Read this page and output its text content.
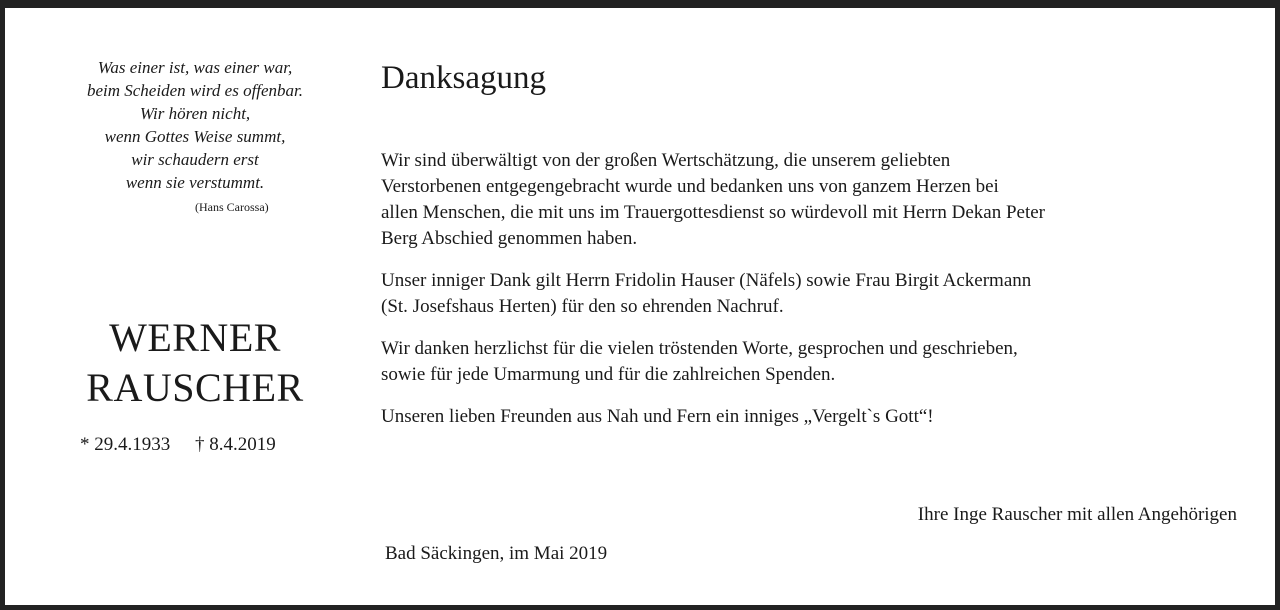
Was einer ist, was einer war,
beim Scheiden wird es offenbar.
Wir hören nicht,
wenn Gottes Weise summt,
wir schaudern erst
wenn sie verstummt.
(Hans Carossa)
WERNER
RAUSCHER
* 29.4.1933 † 8.4.2019
Danksagung

Wir sind überwältigt von der großen Wertschätzung, die unserem geliebten
Verstorbenen entgegengebracht wurde und bedanken uns von ganzem Herzen bei
allen Menschen, die mit uns im Trauergottesdienst so würdevoll mit Herrn Dekan Peter
Berg Abschied genommen haben.

Unser inniger Dank gilt Herrn Fridolin Hauser (Näfels) sowie Frau Birgit Ackermann
(St. Josefshaus Herten) für den so ehrenden Nachruf.

Wir danken herzlichst für die vielen tröstenden Worte, gesprochen und geschrieben,
sowie für jede Umarmung und für die zahlreichen Spenden.

Unseren lieben Freunden aus Nah und Fern ein inniges „Vergelt`s Gott“!

Ihre Inge Rauscher mit allen Angehörigen
Bad Säckingen, im Mai 2019
